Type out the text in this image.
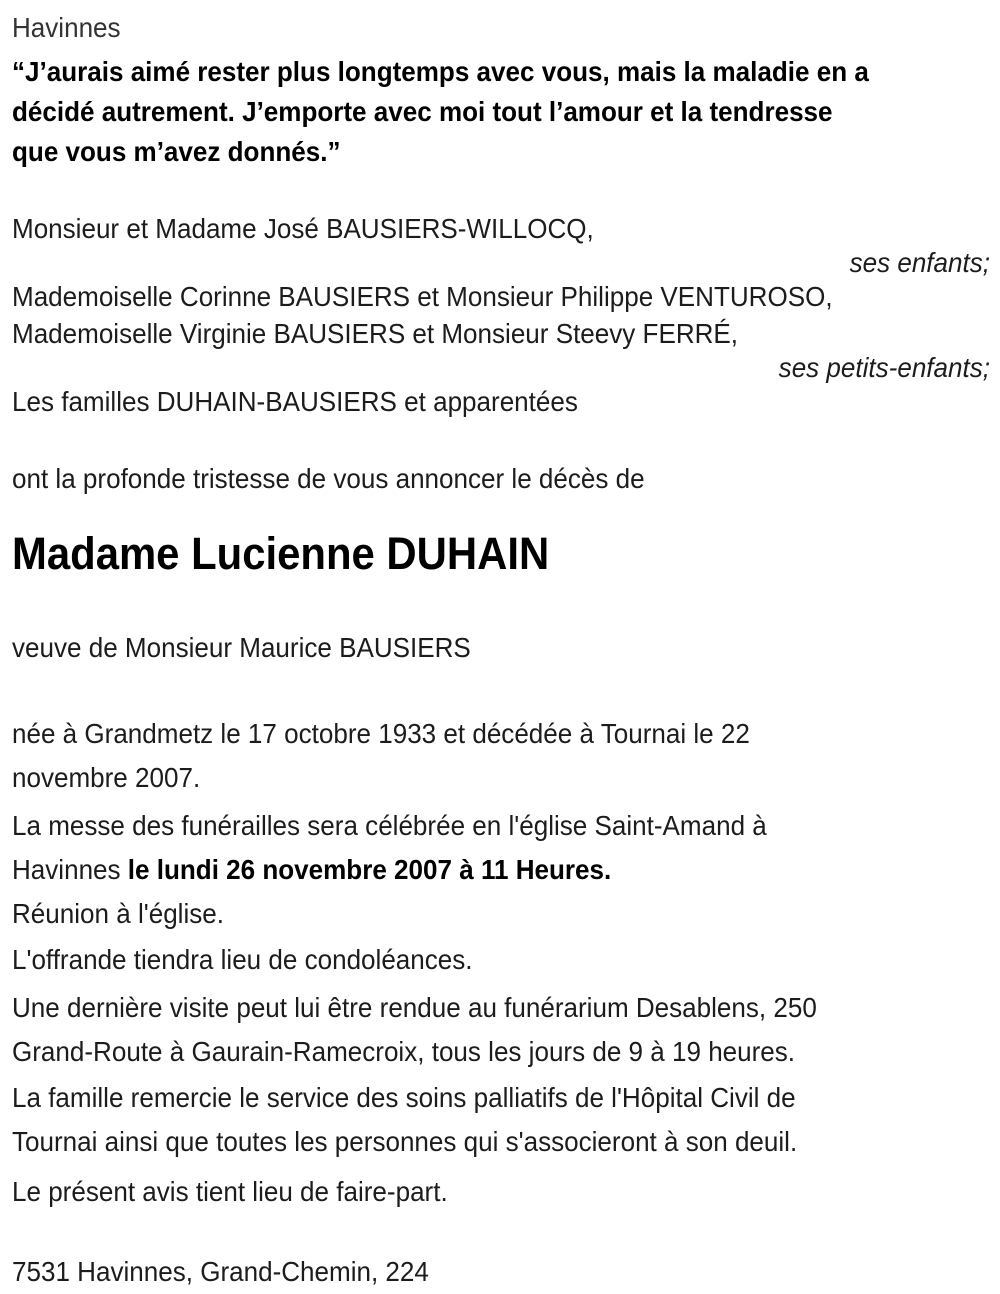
Havinnes
“J’aurais aimé rester plus longtemps avec vous, mais la maladie en a
décidé autrement. J’emporte avec moi tout l’amour et la tendresse
que vous m’avez donnés.”
Monsieur et Madame José BAUSIERS-WILLOCQ,
ses enfants;
Mademoiselle Corinne BAUSIERS et Monsieur Philippe VENTUROSO,
Mademoiselle Virginie BAUSIERS et Monsieur Steevy FERRÉ,
ses petits-enfants;
Les familles DUHAIN-BAUSIERS et apparentées
ont la profonde tristesse de vous annoncer le décès de
Madame Lucienne DUHAIN
veuve de Monsieur Maurice BAUSIERS
née à Grandmetz le 17 octobre 1933 et décédée à Tournai le 22
novembre 2007.
La messe des funérailles sera célébrée en l'église Saint-Amand à
Havinnes le lundi 26 novembre 2007 à 11 Heures.
Réunion à l'église.
L'offrande tiendra lieu de condoléances.
Une dernière visite peut lui être rendue au funérarium Desablens, 250
Grand-Route à Gaurain-Ramecroix, tous les jours de 9 à 19 heures.
La famille remercie le service des soins palliatifs de l'Hôpital Civil de
Tournai ainsi que toutes les personnes qui s'associeront à son deuil.
Le présent avis tient lieu de faire-part.
7531 Havinnes, Grand-Chemin, 224
